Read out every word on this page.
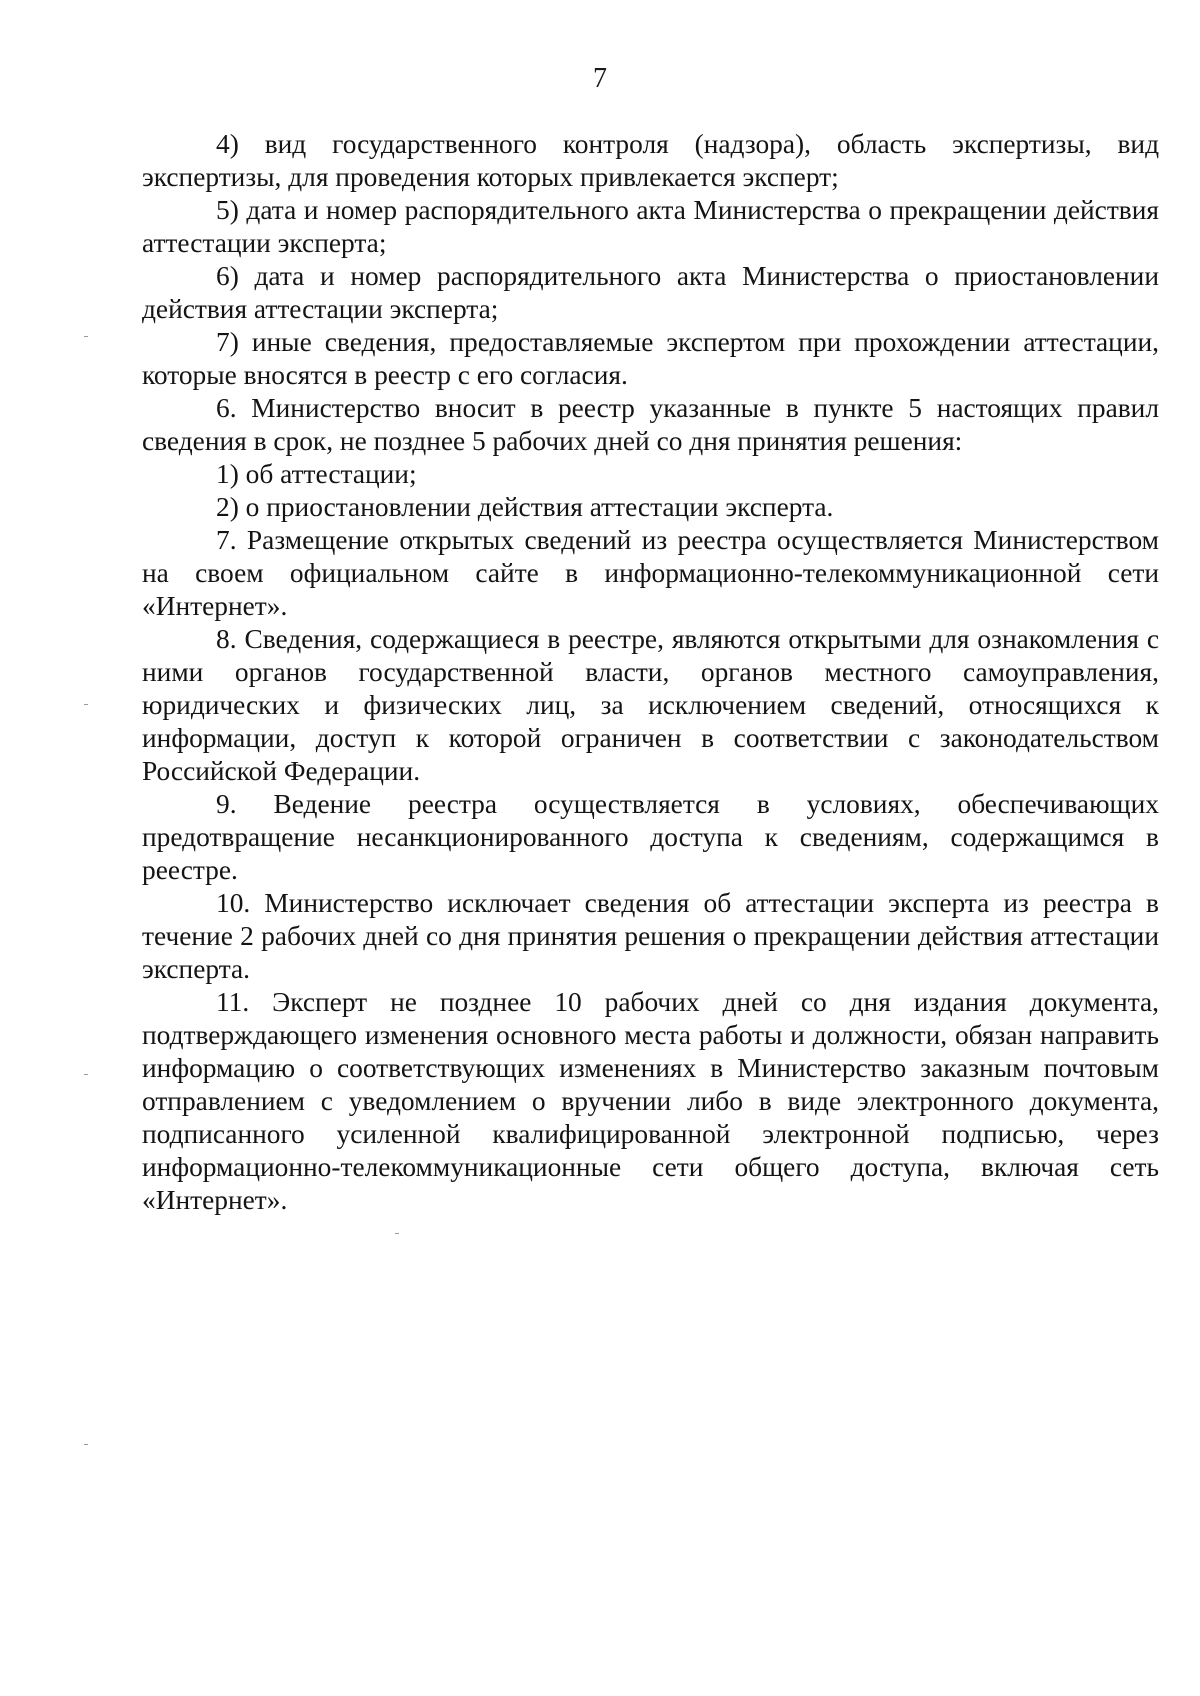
7

4) вид государственного контроля (надзора), область экспертизы, вид экспертизы, для проведения которых привлекается эксперт;

5) дата и номер распорядительного акта Министерства о прекращении действия аттестации эксперта;

6) дата и номер распорядительного акта Министерства о приостановлении действия аттестации эксперта;

7) иные сведения, предоставляемые экспертом при прохождении аттестации, которые вносятся в реестр с его согласия.

6. Министерство вносит в реестр указанные в пункте 5 настоящих правил сведения в срок, не позднее 5 рабочих дней со дня принятия решения:

1) об аттестации;

2) о приостановлении действия аттестации эксперта.

7. Размещение открытых сведений из реестра осуществляется Министерством на своем официальном сайте в информационно-телекоммуникационной сети «Интернет».

8. Сведения, содержащиеся в реестре, являются открытыми для ознакомления с ними органов государственной власти, органов местного самоуправления, юридических и физических лиц, за исключением сведений, относящихся к информации, доступ к которой ограничен в соответствии с законодательством Российской Федерации.

9. Ведение реестра осуществляется в условиях, обеспечивающих предотвращение несанкционированного доступа к сведениям, содержащимся в реестре.

10. Министерство исключает сведения об аттестации эксперта из реестра в течение 2 рабочих дней со дня принятия решения о прекращении действия аттестации эксперта.

11. Эксперт не позднее 10 рабочих дней со дня издания документа, подтверждающего изменения основного места работы и должности, обязан направить информацию о соответствующих изменениях в Министерство заказным почтовым отправлением с уведомлением о вручении либо в виде электронного документа, подписанного усиленной квалифицированной электронной подписью, через информационно-телекоммуникационные сети общего доступа, включая сеть «Интернет».
